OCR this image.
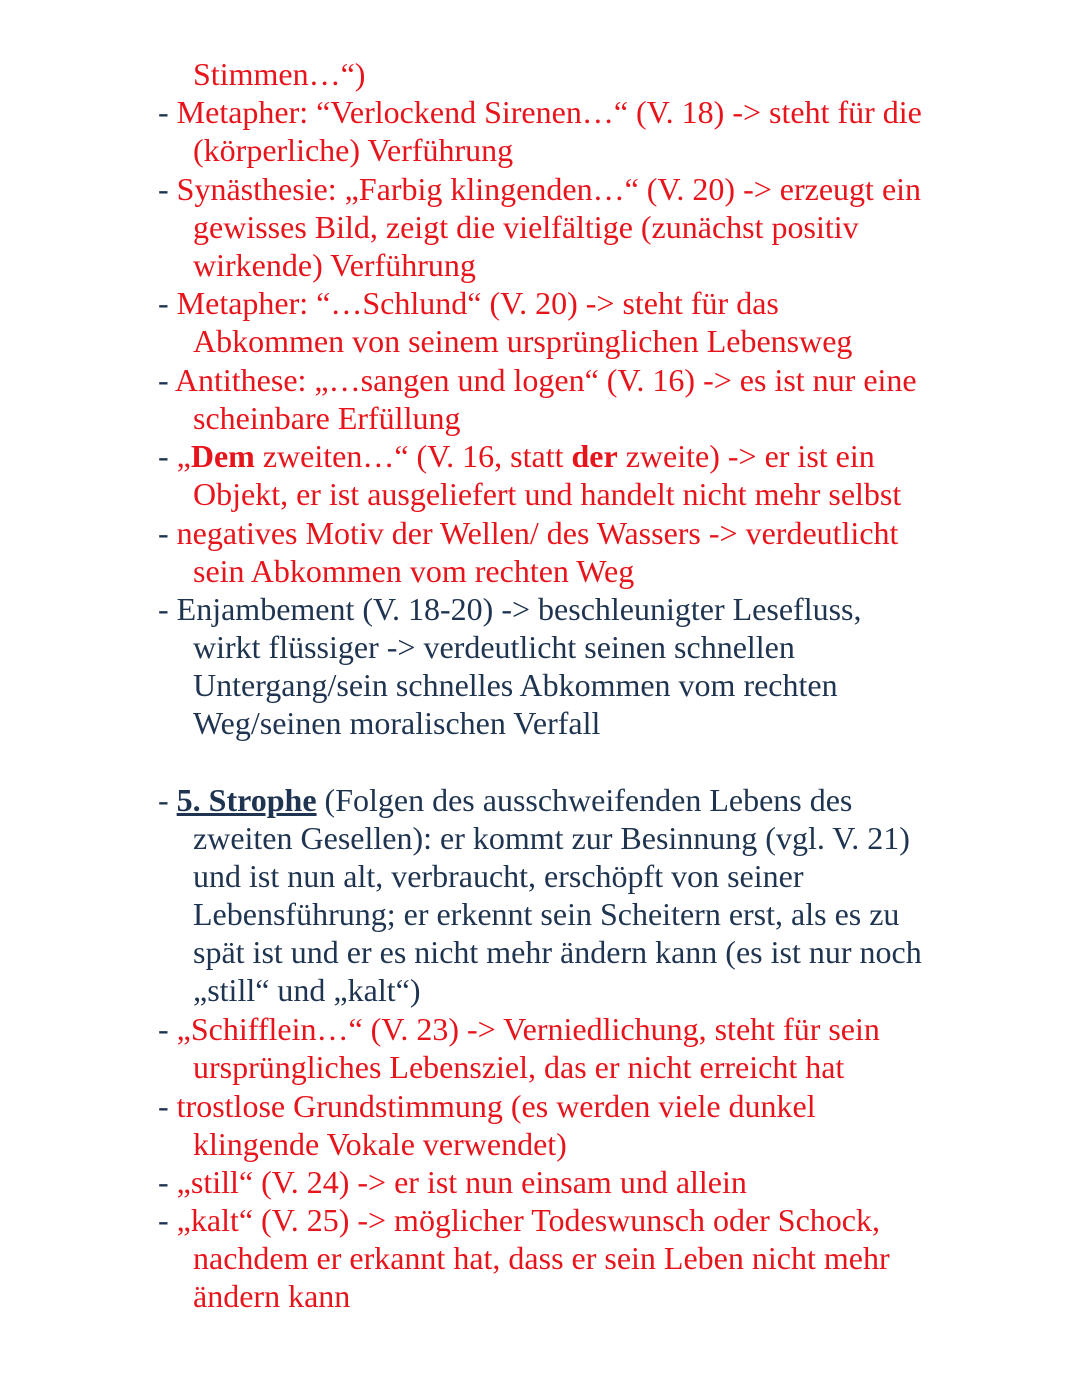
Stimmen…“)
- Metapher: “Verlockend Sirenen…“ (V. 18) -> steht für die
(körperliche) Verführung
- Synästhesie: „Farbig klingenden…“ (V. 20) -> erzeugt ein
gewisses Bild, zeigt die vielfältige (zunächst positiv
wirkende) Verführung
- Metapher: “…Schlund“ (V. 20) -> steht für das
Abkommen von seinem ursprünglichen Lebensweg
- Antithese: „…sangen und logen“ (V. 16) -> es ist nur eine
scheinbare Erfüllung
- „Dem zweiten…“ (V. 16, statt der zweite) -> er ist ein
Objekt, er ist ausgeliefert und handelt nicht mehr selbst
- negatives Motiv der Wellen/ des Wassers -> verdeutlicht
sein Abkommen vom rechten Weg
- Enjambement (V. 18-20) -> beschleunigter Lesefluss,
wirkt flüssiger -> verdeutlicht seinen schnellen
Untergang/sein schnelles Abkommen vom rechten
Weg/seinen moralischen Verfall
- 5. Strophe (Folgen des ausschweifenden Lebens des
zweiten Gesellen): er kommt zur Besinnung (vgl. V. 21)
und ist nun alt, verbraucht, erschöpft von seiner
Lebensführung; er erkennt sein Scheitern erst, als es zu
spät ist und er es nicht mehr ändern kann (es ist nur noch
„still“ und „kalt“)
- „Schifflein…“ (V. 23) -> Verniedlichung, steht für sein
ursprüngliches Lebensziel, das er nicht erreicht hat
- trostlose Grundstimmung (es werden viele dunkel
klingende Vokale verwendet)
- „still“ (V. 24) -> er ist nun einsam und allein
- „kalt“ (V. 25) -> möglicher Todeswunsch oder Schock,
nachdem er erkannt hat, dass er sein Leben nicht mehr
ändern kann
